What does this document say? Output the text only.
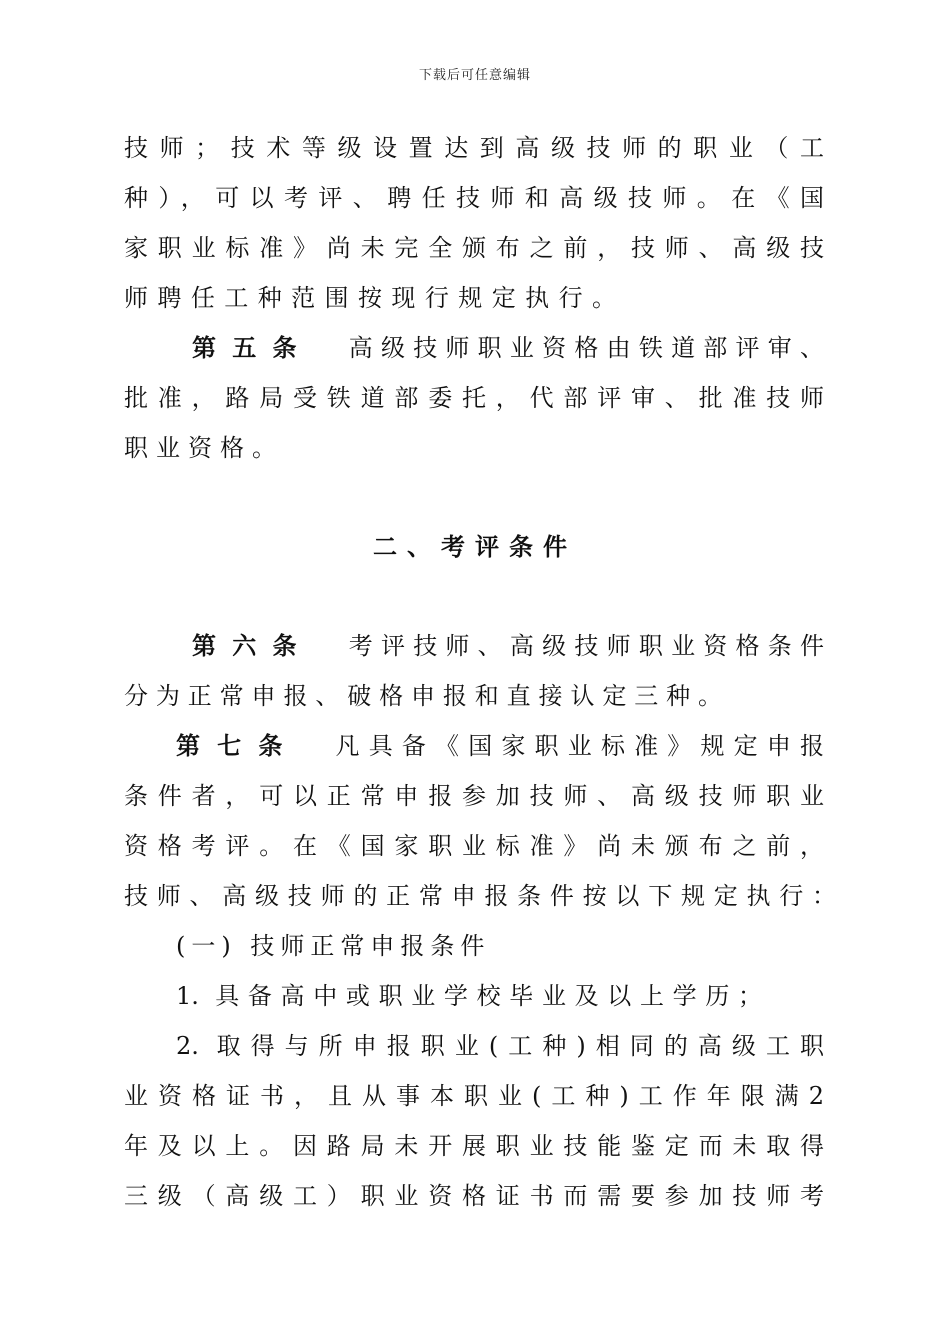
下载后可任意编辑
技师；技术等级设置达到高级技师的职业（工
种），可以考评、聘任技师和高级技师。在《国
家职业标准》尚未完全颁布之前，技师、高级技
师聘任工种范围按现行规定执行。
第五条 高级技师职业资格由铁道部评审、
批准，路局受铁道部委托，代部评审、批准技师
职业资格。
二、考评条件
第六条 考评技师、高级技师职业资格条件
分为正常申报、破格申报和直接认定三种。
第七条 凡具备《国家职业标准》规定申报
条件者，可以正常申报参加技师、高级技师职业
资格考评。在《国家职业标准》尚未颁布之前，
技师、高级技师的正常申报条件按以下规定执行：
(一) 技师正常申报条件
1. 具备高中或职业学校毕业及以上学历；
2. 取得与所申报职业(工种)相同的高级工职
业资格证书，且从事本职业(工种)工作年限满2
年及以上。因路局未开展职业技能鉴定而未取得
三级（高级工）职业资格证书而需要参加技师考
